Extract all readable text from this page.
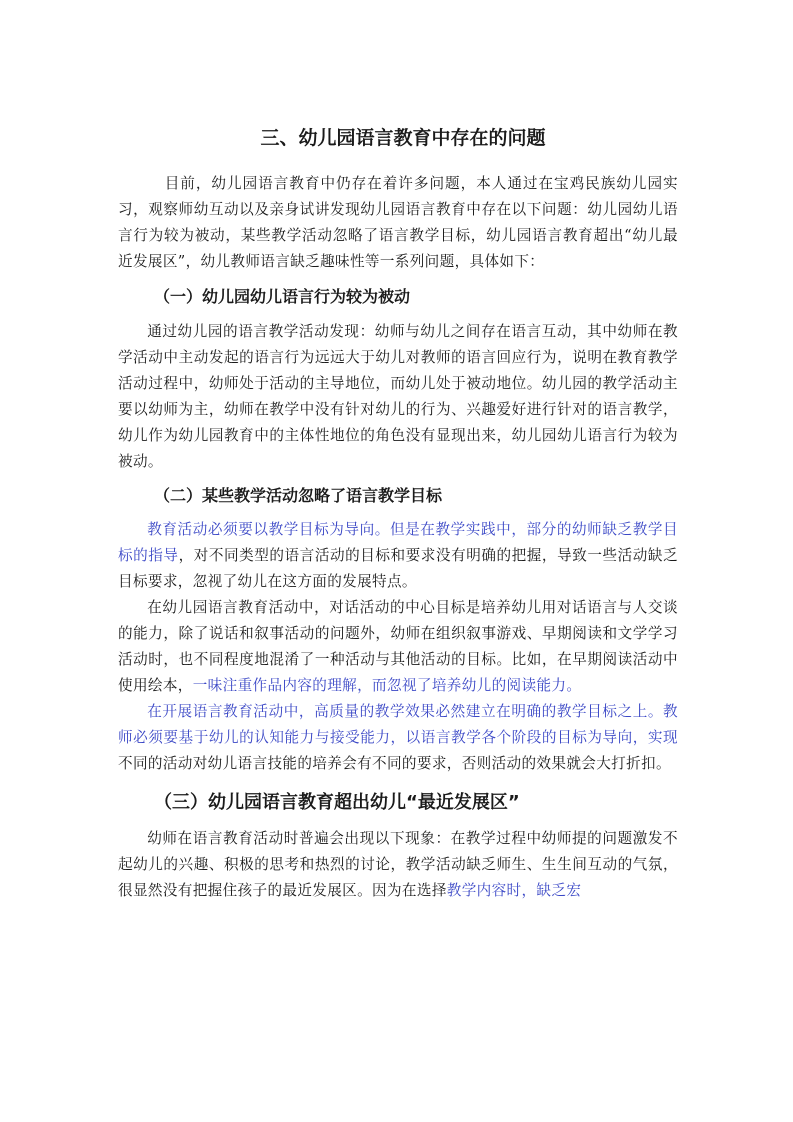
三、幼儿园语言教育中存在的问题

目前，幼儿园语言教育中仍存在着许多问题，本人通过在宝鸡民族幼儿园实习，观察师幼互动以及亲身试讲发现幼儿园语言教育中存在以下问题：幼儿园幼儿语言行为较为被动，某些教学活动忽略了语言教学目标，幼儿园语言教育超出“幼儿最近发展区”，幼儿教师语言缺乏趣味性等一系列问题，具体如下：

（一）幼儿园幼儿语言行为较为被动

通过幼儿园的语言教学活动发现：幼师与幼儿之间存在语言互动，其中幼师在教学活动中主动发起的语言行为远远大于幼儿对教师的语言回应行为，说明在教育教学活动过程中，幼师处于活动的主导地位，而幼儿处于被动地位。幼儿园的教学活动主要以幼师为主，幼师在教学中没有针对幼儿的行为、兴趣爱好进行针对的语言教学，幼儿作为幼儿园教育中的主体性地位的角色没有显现出来，幼儿园幼儿语言行为较为被动。

（二）某些教学活动忽略了语言教学目标

教育活动必须要以教学目标为导向。但是在教学实践中，部分的幼师缺乏教学目标的指导，对不同类型的语言活动的目标和要求没有明确的把握，导致一些活动缺乏目标要求，忽视了幼儿在这方面的发展特点。

在幼儿园语言教育活动中，对话活动的中心目标是培养幼儿用对话语言与人交谈的能力，除了说话和叙事活动的问题外，幼师在组织叙事游戏、早期阅读和文学学习活动时，也不同程度地混淆了一种活动与其他活动的目标。比如，在早期阅读活动中使用绘本，一味注重作品内容的理解，而忽视了培养幼儿的阅读能力。

在开展语言教育活动中，高质量的教学效果必然建立在明确的教学目标之上。教师必须要基于幼儿的认知能力与接受能力，以语言教学各个阶段的目标为导向，实现不同的活动对幼儿语言技能的培养会有不同的要求，否则活动的效果就会大打折扣。

（三）幼儿园语言教育超出幼儿“最近发展区”

幼师在语言教育活动时普遍会出现以下现象：在教学过程中幼师提的问题激发不起幼儿的兴趣、积极的思考和热烈的讨论，教学活动缺乏师生、生生间互动的气氛，很显然没有把握住孩子的最近发展区。因为在选择教学内容时，缺乏宏
